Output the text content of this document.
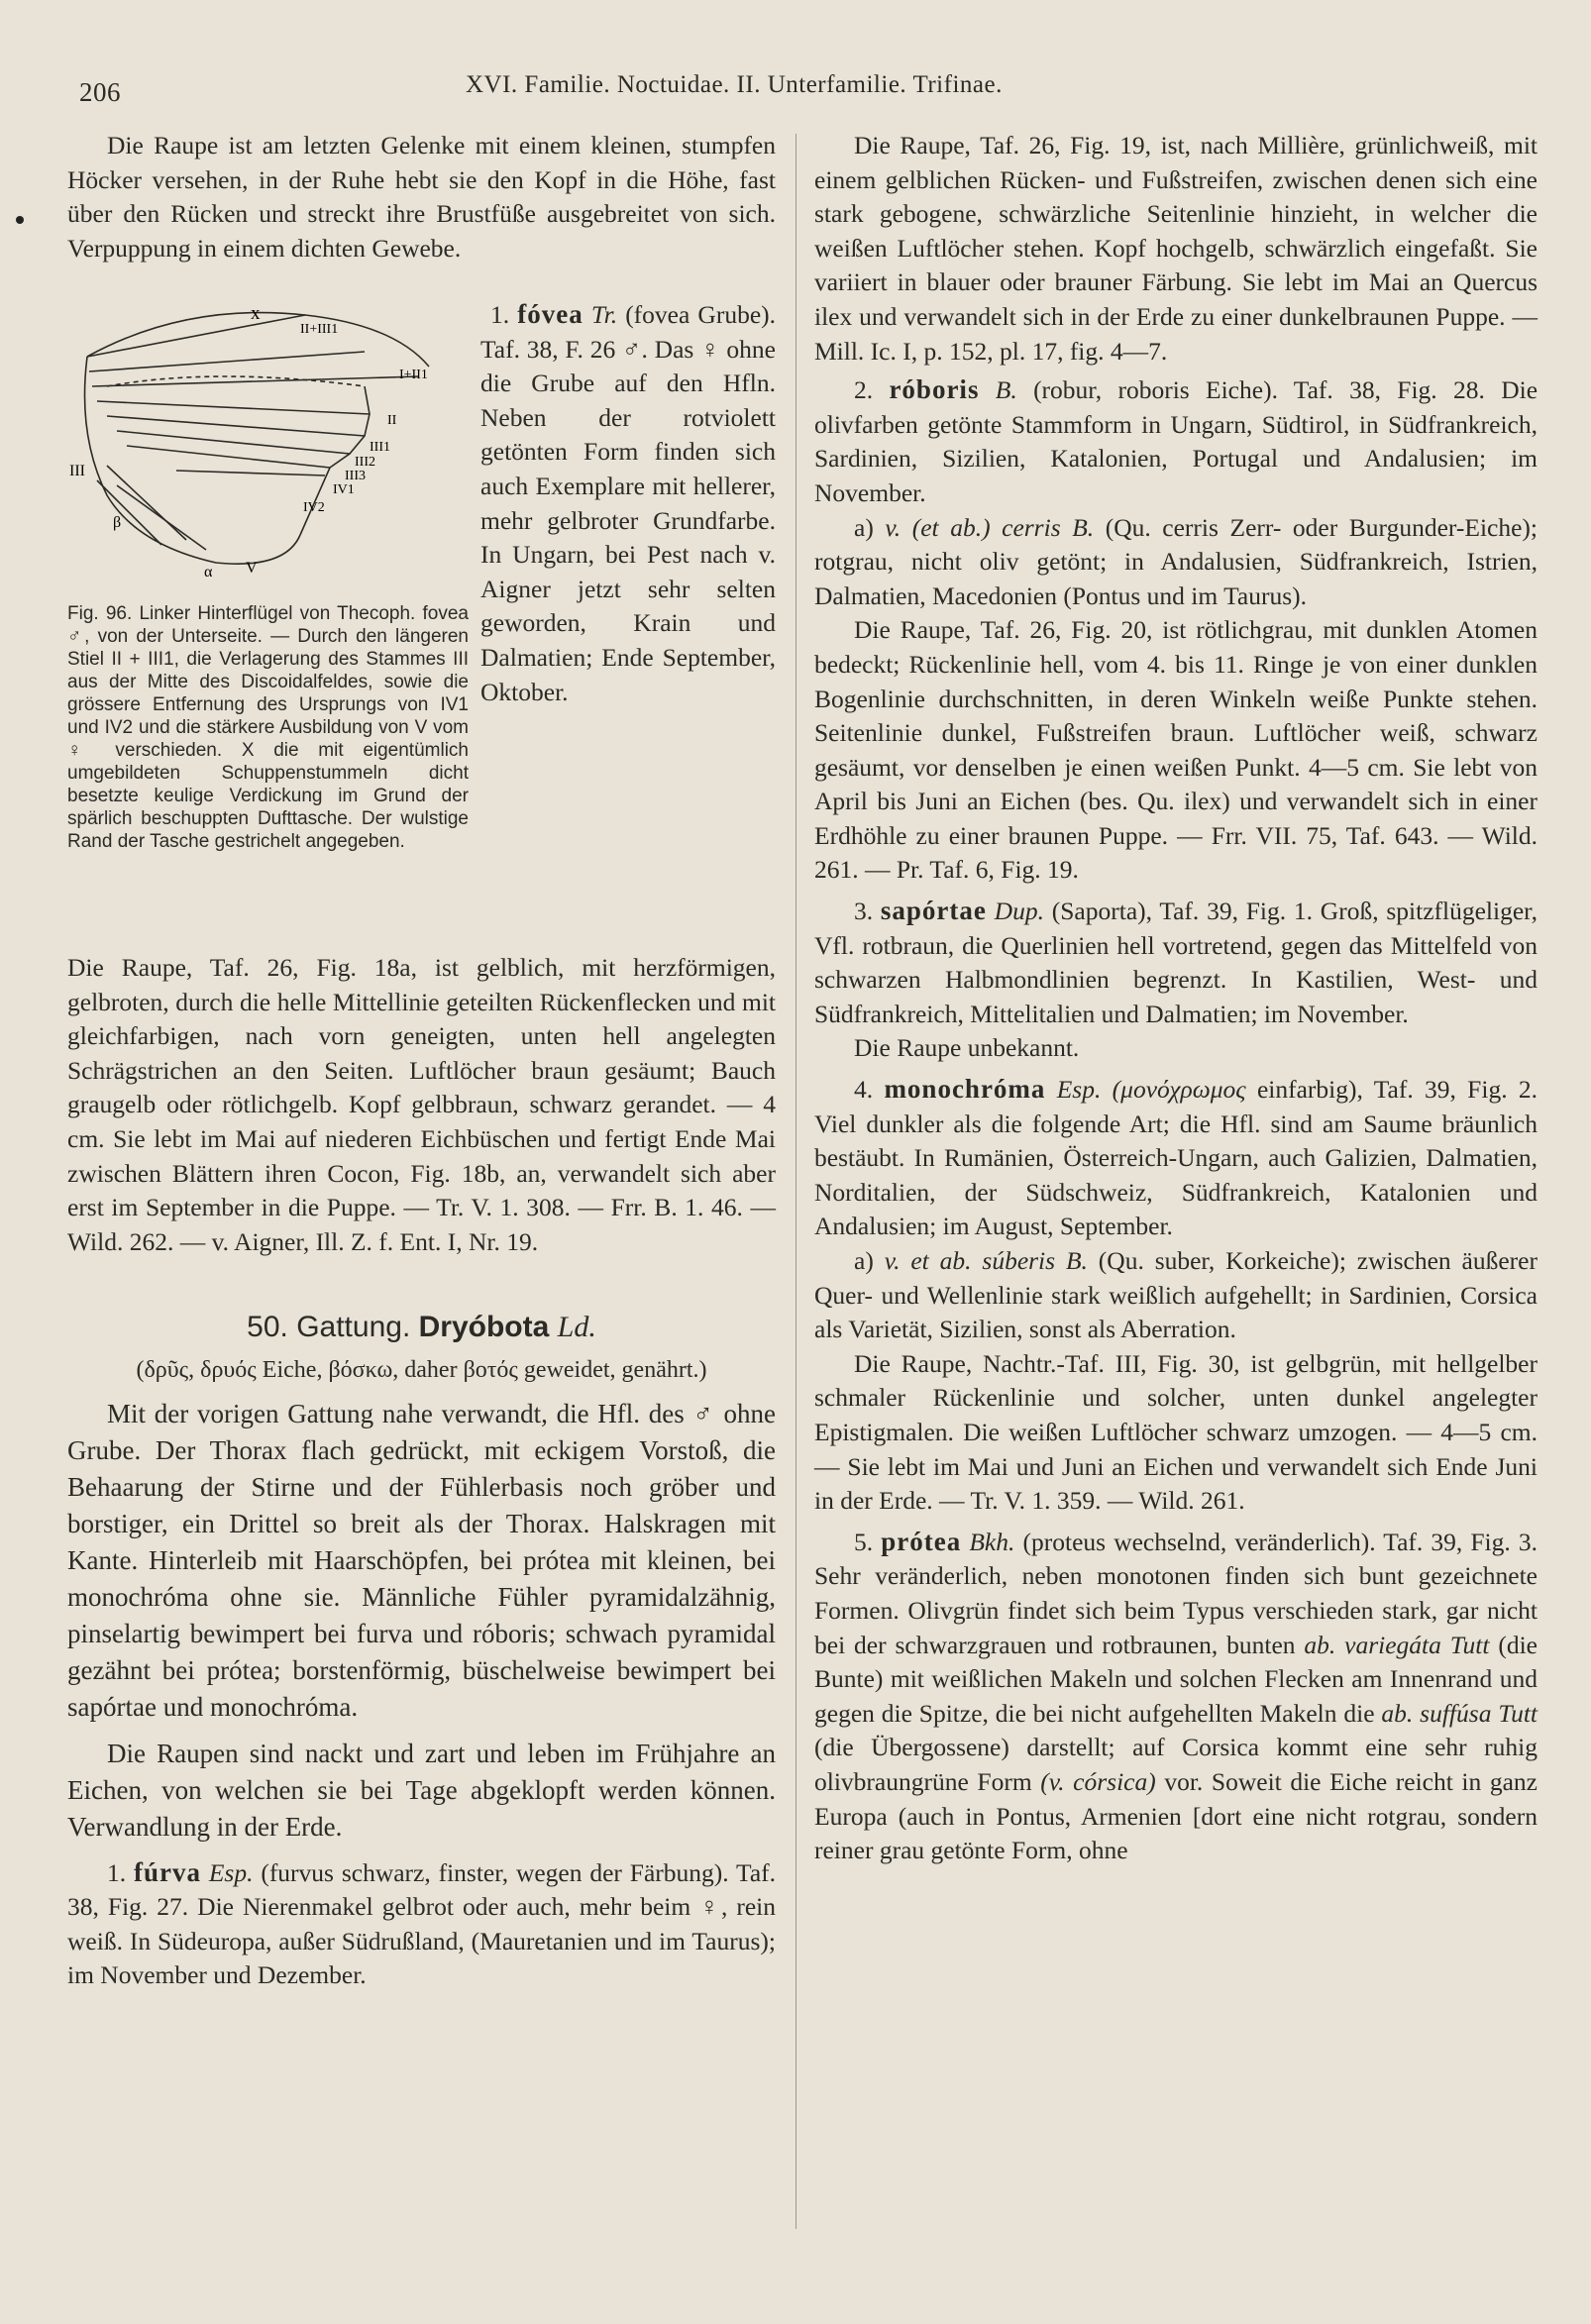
206	XVI. Familie. Noctuidae. II. Unterfamilie. Trifinae.

Die Raupe ist am letzten Gelenke mit einem kleinen, stumpfen Höcker versehen, in der Ruhe hebt sie den Kopf in die Höhe, fast über den Rücken und streckt ihre Brustfüße ausgebreitet von sich. Verpuppung in einem dichten Gewebe.

x
II+III1
I+II1
II
III1
III2
III3
IV1
IV2
III
β
α V
Fig. 96. Linker Hinterflügel von Thecoph. fovea ♂, von der Unterseite. — Durch den längeren Stiel II + III1, die Verlagerung des Stammes III aus der Mitte des Discoidalfeldes, sowie die grössere Entfernung des Ursprungs von IV1 und IV2 und die stärkere Ausbildung von V vom ♀ verschieden. X die mit eigentümlich umgebildeten Schuppenstummeln dicht besetzte keulige Verdickung im Grund der spärlich beschuppten Dufttasche. Der wulstige Rand der Tasche gestrichelt angegeben.
1. fóvea Tr. (fovea Grube). Taf. 38, F. 26 ♂. Das ♀ ohne die Grube auf den Hfln. Neben der rotviolett getönten Form finden sich auch Exemplare mit hellerer, mehr gelbroter Grundfarbe. In Ungarn, bei Pest nach v. Aigner jetzt sehr selten geworden, Krain und Dalmatien; Ende September, Oktober.

Die Raupe, Taf. 26, Fig. 18a, ist gelblich, mit herzförmigen, gelbroten, durch die helle Mittellinie geteilten Rückenflecken und mit gleichfarbigen, nach vorn geneigten, unten hell angelegten Schrägstrichen an den Seiten. Luftlöcher braun gesäumt; Bauch graugelb oder rötlichgelb. Kopf gelbbraun, schwarz gerandet. — 4 cm. Sie lebt im Mai auf niederen Eichbüschen und fertigt Ende Mai zwischen Blättern ihren Cocon, Fig. 18b, an, verwandelt sich aber erst im September in die Puppe. — Tr. V. 1. 308. — Frr. B. 1. 46. — Wild. 262. — v. Aigner, Ill. Z. f. Ent. I, Nr. 19.

50. Gattung. Dryóbota Ld.
(δρῦς, δρυός Eiche, βόσκω, daher βοτός geweidet, genährt.)

Mit der vorigen Gattung nahe verwandt, die Hfl. des ♂ ohne Grube. Der Thorax flach gedrückt, mit eckigem Vorstoß, die Behaarung der Stirne und der Fühlerbasis noch gröber und borstiger, ein Drittel so breit als der Thorax. Halskragen mit Kante. Hinterleib mit Haarschöpfen, bei prótea mit kleinen, bei monochróma ohne sie. Männliche Fühler pyramidalzähnig, pinselartig bewimpert bei furva und róboris; schwach pyramidal gezähnt bei prótea; borstenförmig, büschelweise bewimpert bei sapórtae und monochróma.

Die Raupen sind nackt und zart und leben im Frühjahre an Eichen, von welchen sie bei Tage abgeklopft werden können. Verwandlung in der Erde.

1. fúrva Esp. (furvus schwarz, finster, wegen der Färbung). Taf. 38, Fig. 27. Die Nierenmakel gelbrot oder auch, mehr beim ♀, rein weiß. In Südeuropa, außer Südrußland, (Mauretanien und im Taurus); im November und Dezember.

Die Raupe, Taf. 26, Fig. 19, ist, nach Millière, grünlichweiß, mit einem gelblichen Rücken- und Fußstreifen, zwischen denen sich eine stark gebogene, schwärzliche Seitenlinie hinzieht, in welcher die weißen Luftlöcher stehen. Kopf hochgelb, schwärzlich eingefaßt. Sie variiert in blauer oder brauner Färbung. Sie lebt im Mai an Quercus ilex und verwandelt sich in der Erde zu einer dunkelbraunen Puppe. — Mill. Ic. I, p. 152, pl. 17, fig. 4—7.

2. róboris B. (robur, roboris Eiche). Taf. 38, Fig. 28. Die olivfarben getönte Stammform in Ungarn, Südtirol, in Südfrankreich, Sardinien, Sizilien, Katalonien, Portugal und Andalusien; im November.

a) v. (et ab.) cerris B. (Qu. cerris Zerr- oder Burgunder-Eiche); rotgrau, nicht oliv getönt; in Andalusien, Südfrankreich, Istrien, Dalmatien, Macedonien (Pontus und im Taurus).

Die Raupe, Taf. 26, Fig. 20, ist rötlichgrau, mit dunklen Atomen bedeckt; Rückenlinie hell, vom 4. bis 11. Ringe je von einer dunklen Bogenlinie durchschnitten, in deren Winkeln weiße Punkte stehen. Seitenlinie dunkel, Fußstreifen braun. Luftlöcher weiß, schwarz gesäumt, vor denselben je einen weißen Punkt. 4—5 cm. Sie lebt von April bis Juni an Eichen (bes. Qu. ilex) und verwandelt sich in einer Erdhöhle zu einer braunen Puppe. — Frr. VII. 75, Taf. 643. — Wild. 261. — Pr. Taf. 6, Fig. 19.

3. sapórtae Dup. (Saporta), Taf. 39, Fig. 1. Groß, spitzflügeliger, Vfl. rotbraun, die Querlinien hell vortretend, gegen das Mittelfeld von schwarzen Halbmondlinien begrenzt. In Kastilien, West- und Südfrankreich, Mittelitalien und Dalmatien; im November.

Die Raupe unbekannt.

4. monochróma Esp. (μονόχρωμος einfarbig), Taf. 39, Fig. 2. Viel dunkler als die folgende Art; die Hfl. sind am Saume bräunlich bestäubt. In Rumänien, Österreich-Ungarn, auch Galizien, Dalmatien, Norditalien, der Südschweiz, Südfrankreich, Katalonien und Andalusien; im August, September.

a) v. et ab. súberis B. (Qu. suber, Korkeiche); zwischen äußerer Quer- und Wellenlinie stark weißlich aufgehellt; in Sardinien, Corsica als Varietät, Sizilien, sonst als Aberration.

Die Raupe, Nachtr.-Taf. III, Fig. 30, ist gelbgrün, mit hellgelber schmaler Rückenlinie und solcher, unten dunkel angelegter Epistigmalen. Die weißen Luftlöcher schwarz umzogen. — 4—5 cm. — Sie lebt im Mai und Juni an Eichen und verwandelt sich Ende Juni in der Erde. — Tr. V. 1. 359. — Wild. 261.

5. prótea Bkh. (proteus wechselnd, veränderlich). Taf. 39, Fig. 3. Sehr veränderlich, neben monotonen finden sich bunt gezeichnete Formen. Olivgrün findet sich beim Typus verschieden stark, gar nicht bei der schwarzgrauen und rotbraunen, bunten ab. variegáta Tutt (die Bunte) mit weißlichen Makeln und solchen Flecken am Innenrand und gegen die Spitze, die bei nicht aufgehellten Makeln die ab. suffúsa Tutt (die Übergossene) darstellt; auf Corsica kommt eine sehr ruhig olivbraungrüne Form (v. córsica) vor. Soweit die Eiche reicht in ganz Europa (auch in Pontus, Armenien [dort eine nicht rotgrau, sondern reiner grau getönte Form, ohne
